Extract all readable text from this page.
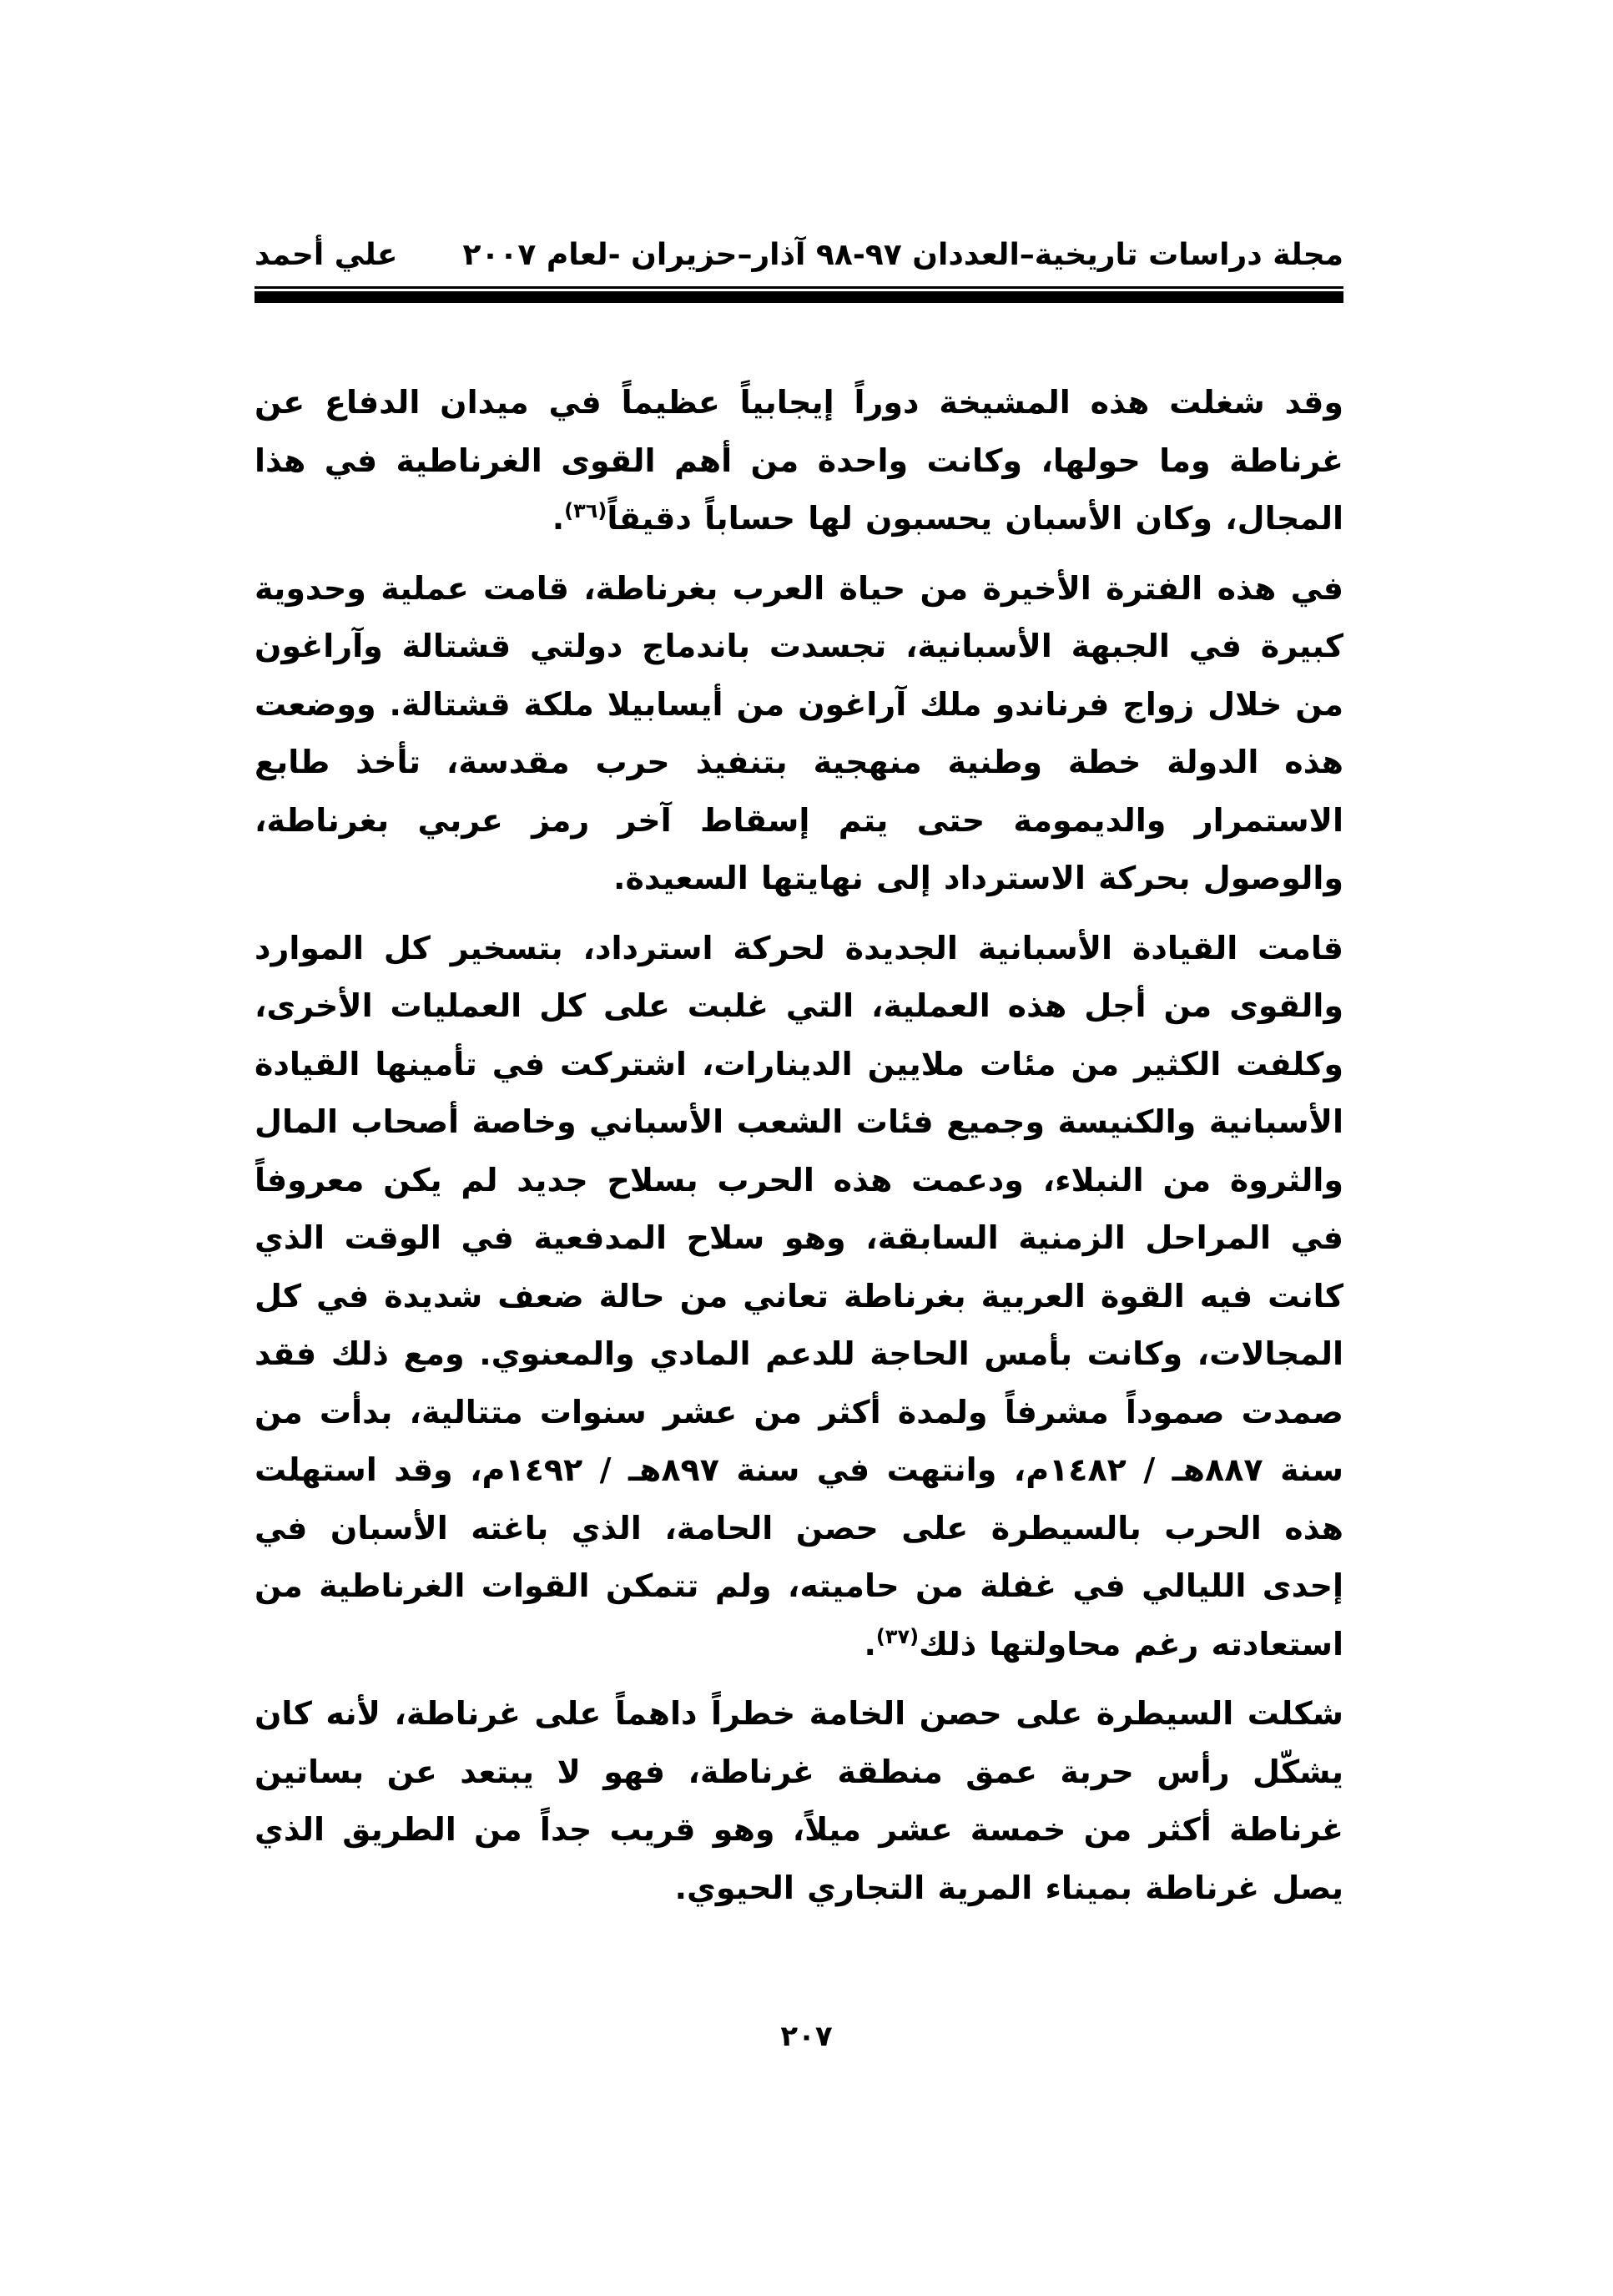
مجلة دراسات تاريخية–العددان ٩٧-٩٨ آذار–حزيران -لعام ٢٠٠٧
علي أحمد

وقد شغلت هذه المشيخة دوراً إيجابياً عظيماً في ميدان الدفاع عن غرناطة وما حولها، وكانت واحدة من أهم القوى الغرناطية في هذا المجال، وكان الأسبان يحسبون لها حساباً دقيقاً$^{(٣٦)}$.

في هذه الفترة الأخيرة من حياة العرب بغرناطة، قامت عملية وحدوية كبيرة في الجبهة الأسبانية، تجسدت باندماج دولتي قشتالة وآراغون من خلال زواج فرناندو ملك آراغون من أيسابيلا ملكة قشتالة. ووضعت هذه الدولة خطة وطنية منهجية بتنفيذ حرب مقدسة، تأخذ طابع الاستمرار والديمومة حتى يتم إسقاط آخر رمز عربي بغرناطة، والوصول بحركة الاسترداد إلى نهايتها السعيدة.

قامت القيادة الأسبانية الجديدة لحركة استرداد، بتسخير كل الموارد والقوى من أجل هذه العملية، التي غلبت على كل العمليات الأخرى، وكلفت الكثير من مئات ملايين الدينارات، اشتركت في تأمينها القيادة الأسبانية والكنيسة وجميع فئات الشعب الأسباني وخاصة أصحاب المال والثروة من النبلاء، ودعمت هذه الحرب بسلاح جديد لم يكن معروفاً في المراحل الزمنية السابقة، وهو سلاح المدفعية في الوقت الذي كانت فيه القوة العربية بغرناطة تعاني من حالة ضعف شديدة في كل المجالات، وكانت بأمس الحاجة للدعم المادي والمعنوي. ومع ذلك فقد صمدت صموداً مشرفاً ولمدة أكثر من عشر سنوات متتالية، بدأت من سنة ٨٨٧هـ / ١٤٨٢م، وانتهت في سنة ٨٩٧هـ / ١٤٩٢م، وقد استهلت هذه الحرب بالسيطرة على حصن الحامة، الذي باغته الأسبان في إحدى الليالي في غفلة من حاميته، ولم تتمكن القوات الغرناطية من استعادته رغم محاولتها ذلك$^{(٣٧)}$.

شكلت السيطرة على حصن الخامة خطراً داهماً على غرناطة، لأنه كان يشكّل رأس حربة عمق منطقة غرناطة، فهو لا يبتعد عن بساتين غرناطة أكثر من خمسة عشر ميلاً، وهو قريب جداً من الطريق الذي يصل غرناطة بميناء المرية التجاري الحيوي.

٢٠٧
